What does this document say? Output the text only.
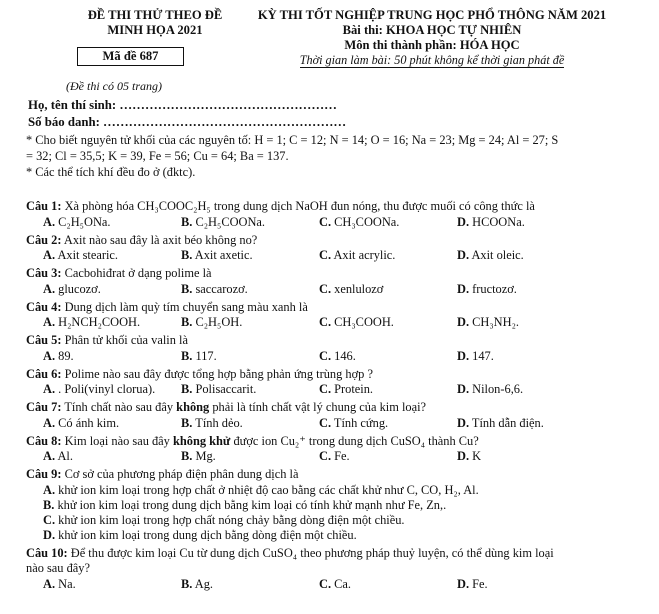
ĐỀ THI THỬ THEO ĐỀ
MINH HỌA 2021
Mã đề 687
(Đề thi có 05 trang)
KỲ THI TỐT NGHIỆP TRUNG HỌC PHỔ THÔNG NĂM 2021
Bài thi: KHOA HỌC TỰ NHIÊN
Môn thi thành phần: HÓA HỌC
Thời gian làm bài: 50 phút không kể thời gian phát đề
Họ, tên thí sinh: ……………………………………………
Số báo danh: …………………………………………………
* Cho biết nguyên tử khối của các nguyên tố: H = 1; C = 12; N = 14; O = 16; Na = 23; Mg = 24; Al = 27; S
= 32; Cl = 35,5; K = 39, Fe = 56; Cu = 64; Ba = 137.
* Các thể tích khí đều đo ở (đktc).
Câu 1: Xà phòng hóa CH₃COOC₂H₅ trong dung dịch NaOH đun nóng, thu được muối có công thức là
A. C₂H₅ONa.	B. C₂H₅COONa.	C. CH₃COONa.	D. HCOONa.
Câu 2: Axit nào sau đây là axit béo không no?
A. Axit stearic.	B. Axit axetic.	C. Axit acrylic.	D. Axit oleic.
Câu 3: Cacbohiđrat ở dạng polime là
A. glucozơ.	B. saccarozơ.	C. xenlulozơ	D. fructozơ.
Câu 4: Dung dịch làm quỳ tím chuyển sang màu xanh là
A. H₂NCH₂COOH.	B. C₂H₅OH.	C. CH₃COOH.	D. CH₃NH₂.
Câu 5: Phân tử khối của valin là
A. 89.	B. 117.	C. 146.	D. 147.
Câu 6: Polime nào sau đây được tổng hợp bằng phản ứng trùng hợp ?
A. . Poli(vinyl clorua).	B. Polisaccarit.	C. Protein.	D. Nilon-6,6.
Câu 7: Tính chất nào sau đây không phải là tính chất vật lý chung của kim loại?
A. Có ánh kim.	B. Tính dẻo.	C. Tính cứng.	D. Tính dẫn điện.
Câu 8: Kim loại nào sau đây không khử được ion Cu₂⁺ trong dung dịch CuSO₄ thành Cu?
A. Al.	B. Mg.	C. Fe.	D. K
Câu 9: Cơ sở của phương pháp điện phân dung dịch là
A. khử ion kim loại trong hợp chất ở nhiệt độ cao bằng các chất khử như C, CO, H₂, Al.
B. khử ion kim loại trong dung dịch bằng kim loại có tính khử mạnh như Fe, Zn,.
C. khử ion kim loại trong hợp chất nóng chảy bằng dòng điện một chiều.
D. khử ion kim loại trong dung dịch bằng dòng điện một chiều.
Câu 10: Để thu được kim loại Cu từ dung dịch CuSO₄ theo phương pháp thuỷ luyện, có thể dùng kim loại
nào sau đây?
A. Na.	B. Ag.	C. Ca.	D. Fe.
